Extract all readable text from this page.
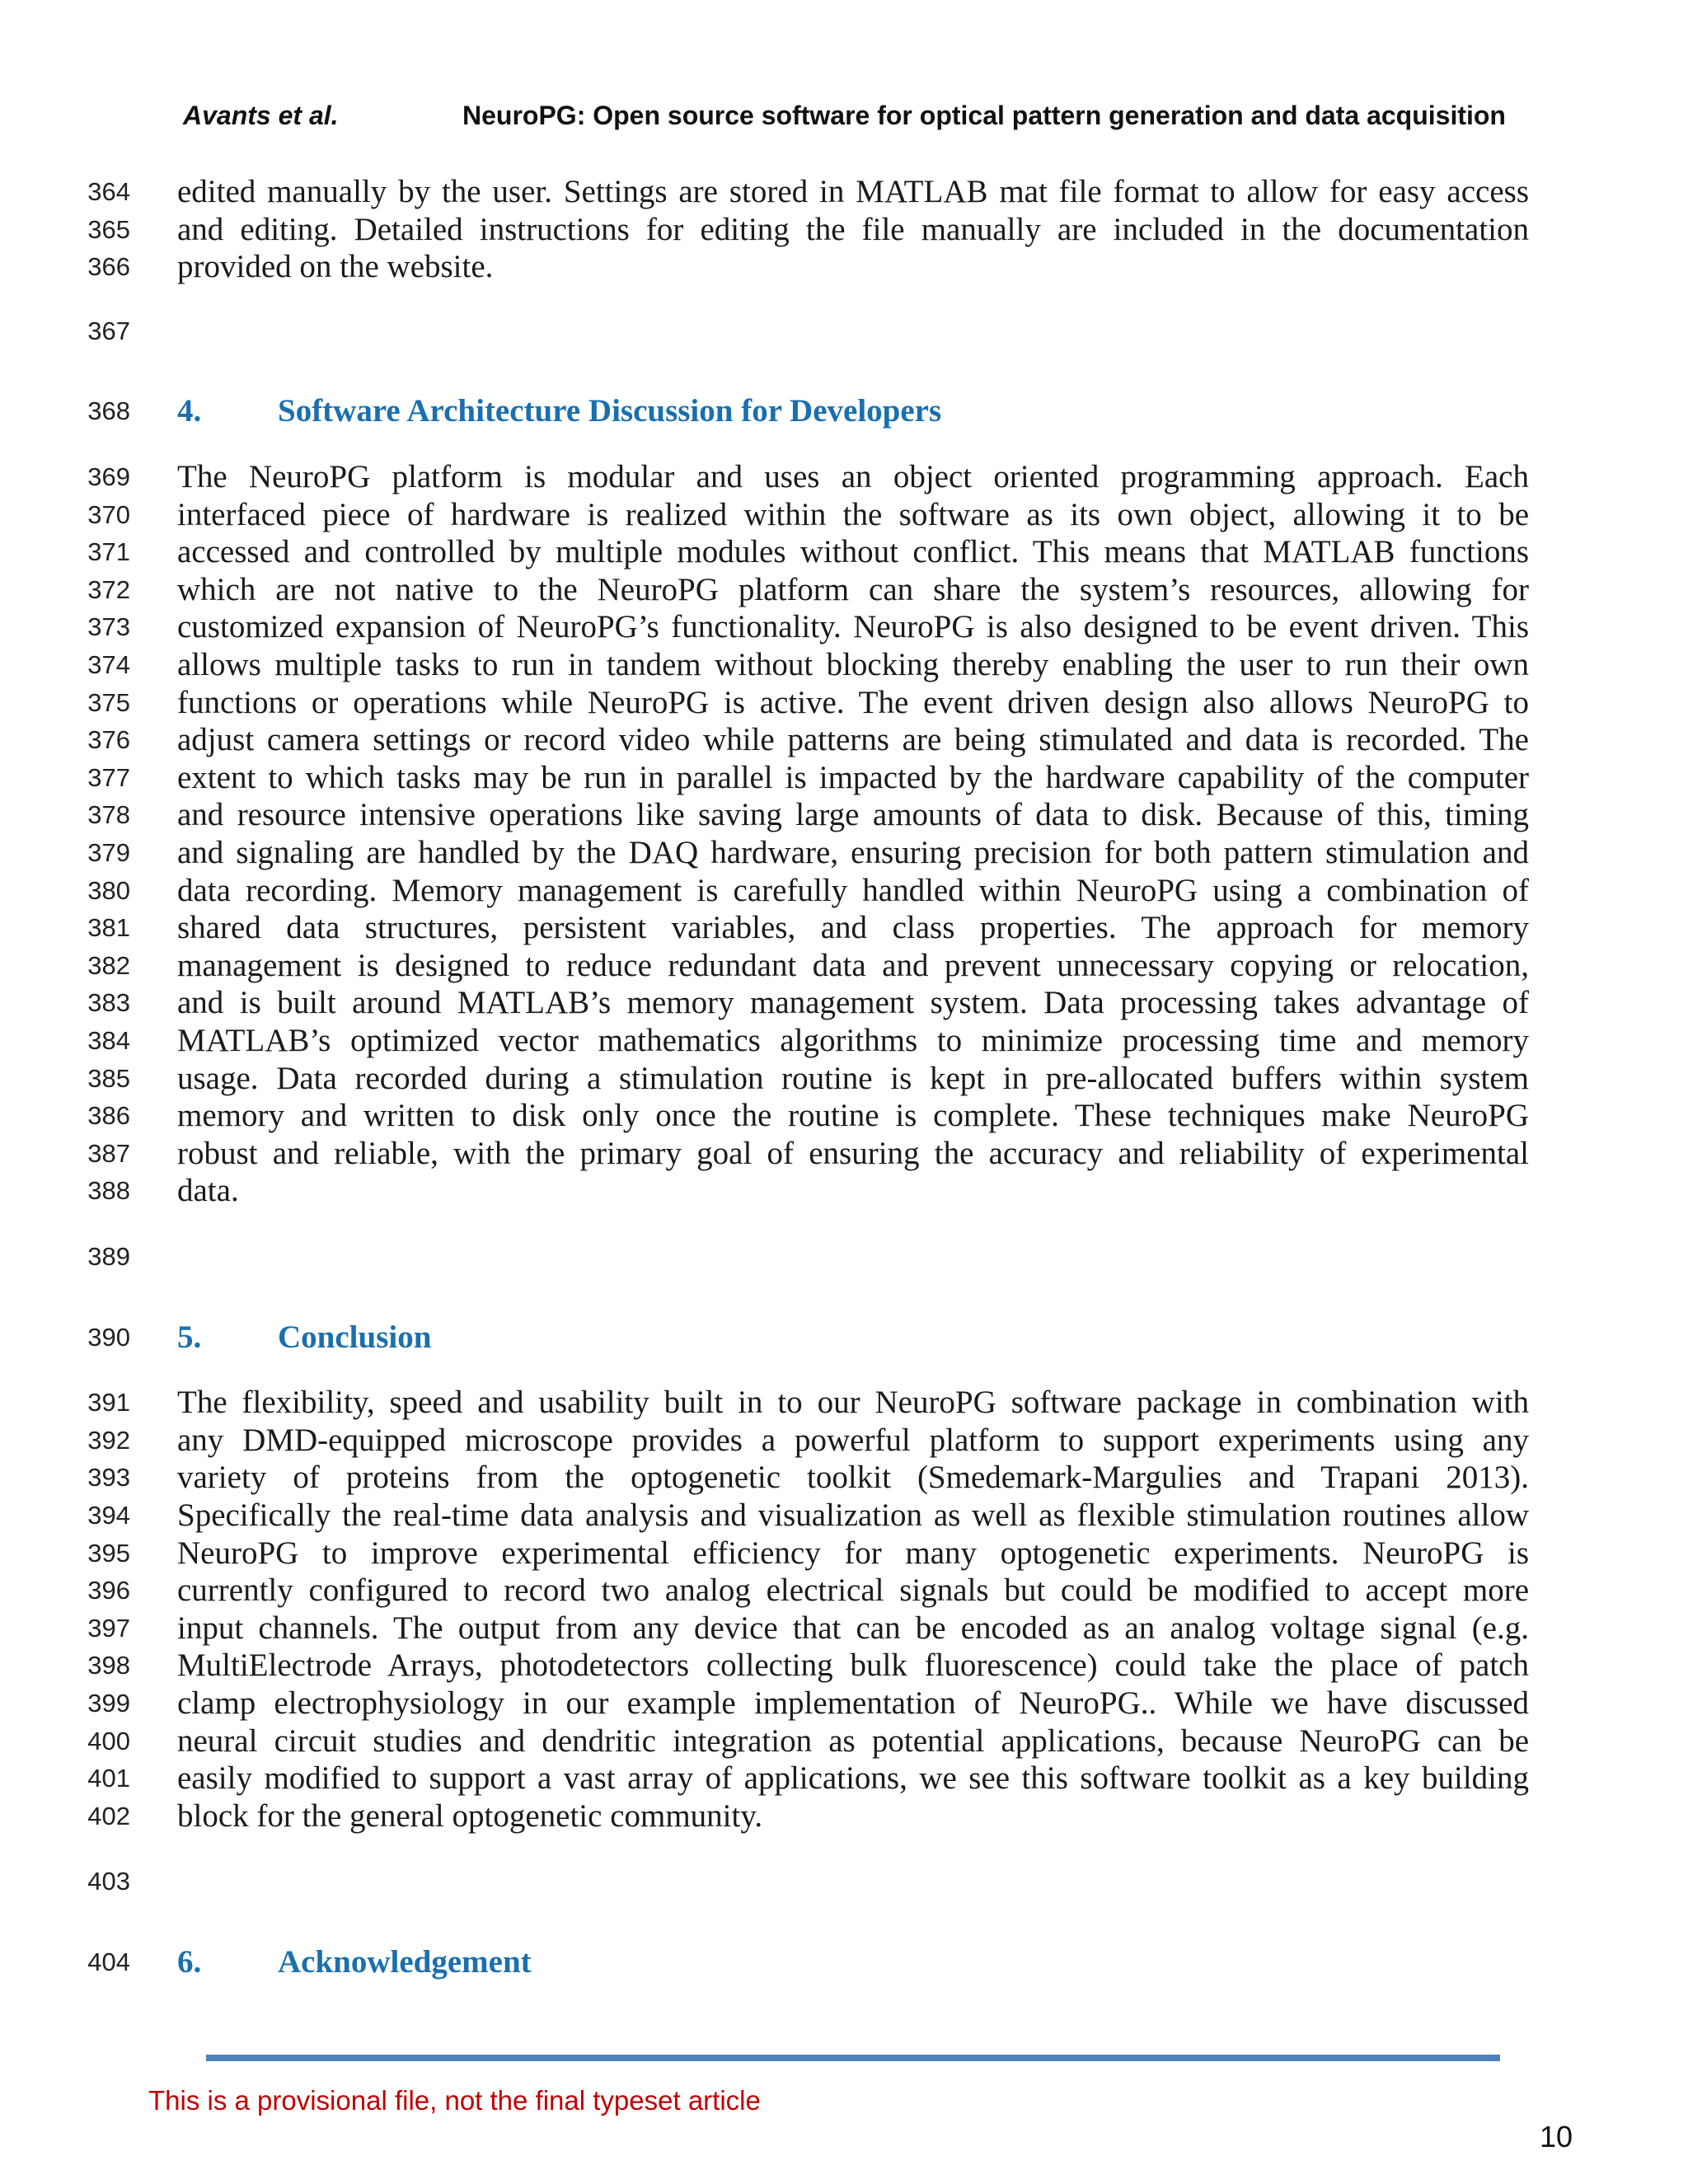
Avants et al.	NeuroPG: Open source software for optical pattern generation and data acquisition
364 edited manually by the user. Settings are stored in MATLAB mat file format to allow for easy access
365 and editing. Detailed instructions for editing the file manually are included in the documentation
366 provided on the website.
367
368 4. Software Architecture Discussion for Developers
369 The NeuroPG platform is modular and uses an object oriented programming approach. Each
370 interfaced piece of hardware is realized within the software as its own object, allowing it to be
371 accessed and controlled by multiple modules without conflict. This means that MATLAB functions
372 which are not native to the NeuroPG platform can share the system’s resources, allowing for
373 customized expansion of NeuroPG’s functionality. NeuroPG is also designed to be event driven. This
374 allows multiple tasks to run in tandem without blocking thereby enabling the user to run their own
375 functions or operations while NeuroPG is active. The event driven design also allows NeuroPG to
376 adjust camera settings or record video while patterns are being stimulated and data is recorded. The
377 extent to which tasks may be run in parallel is impacted by the hardware capability of the computer
378 and resource intensive operations like saving large amounts of data to disk. Because of this, timing
379 and signaling are handled by the DAQ hardware, ensuring precision for both pattern stimulation and
380 data recording. Memory management is carefully handled within NeuroPG using a combination of
381 shared data structures, persistent variables, and class properties. The approach for memory
382 management is designed to reduce redundant data and prevent unnecessary copying or relocation,
383 and is built around MATLAB’s memory management system. Data processing takes advantage of
384 MATLAB’s optimized vector mathematics algorithms to minimize processing time and memory
385 usage. Data recorded during a stimulation routine is kept in pre-allocated buffers within system
386 memory and written to disk only once the routine is complete. These techniques make NeuroPG
387 robust and reliable, with the primary goal of ensuring the accuracy and reliability of experimental
388 data.
389
390 5. Conclusion
391 The flexibility, speed and usability built in to our NeuroPG software package in combination with
392 any DMD-equipped microscope provides a powerful platform to support experiments using any
393 variety of proteins from the optogenetic toolkit (Smedemark-Margulies and Trapani 2013).
394 Specifically the real-time data analysis and visualization as well as flexible stimulation routines allow
395 NeuroPG to improve experimental efficiency for many optogenetic experiments. NeuroPG is
396 currently configured to record two analog electrical signals but could be modified to accept more
397 input channels. The output from any device that can be encoded as an analog voltage signal (e.g.
398 MultiElectrode Arrays, photodetectors collecting bulk fluorescence) could take the place of patch
399 clamp electrophysiology in our example implementation of NeuroPG.. While we have discussed
400 neural circuit studies and dendritic integration as potential applications, because NeuroPG can be
401 easily modified to support a vast array of applications, we see this software toolkit as a key building
402 block for the general optogenetic community.
403
404 6. Acknowledgement
This is a provisional file, not the final typeset article
10
